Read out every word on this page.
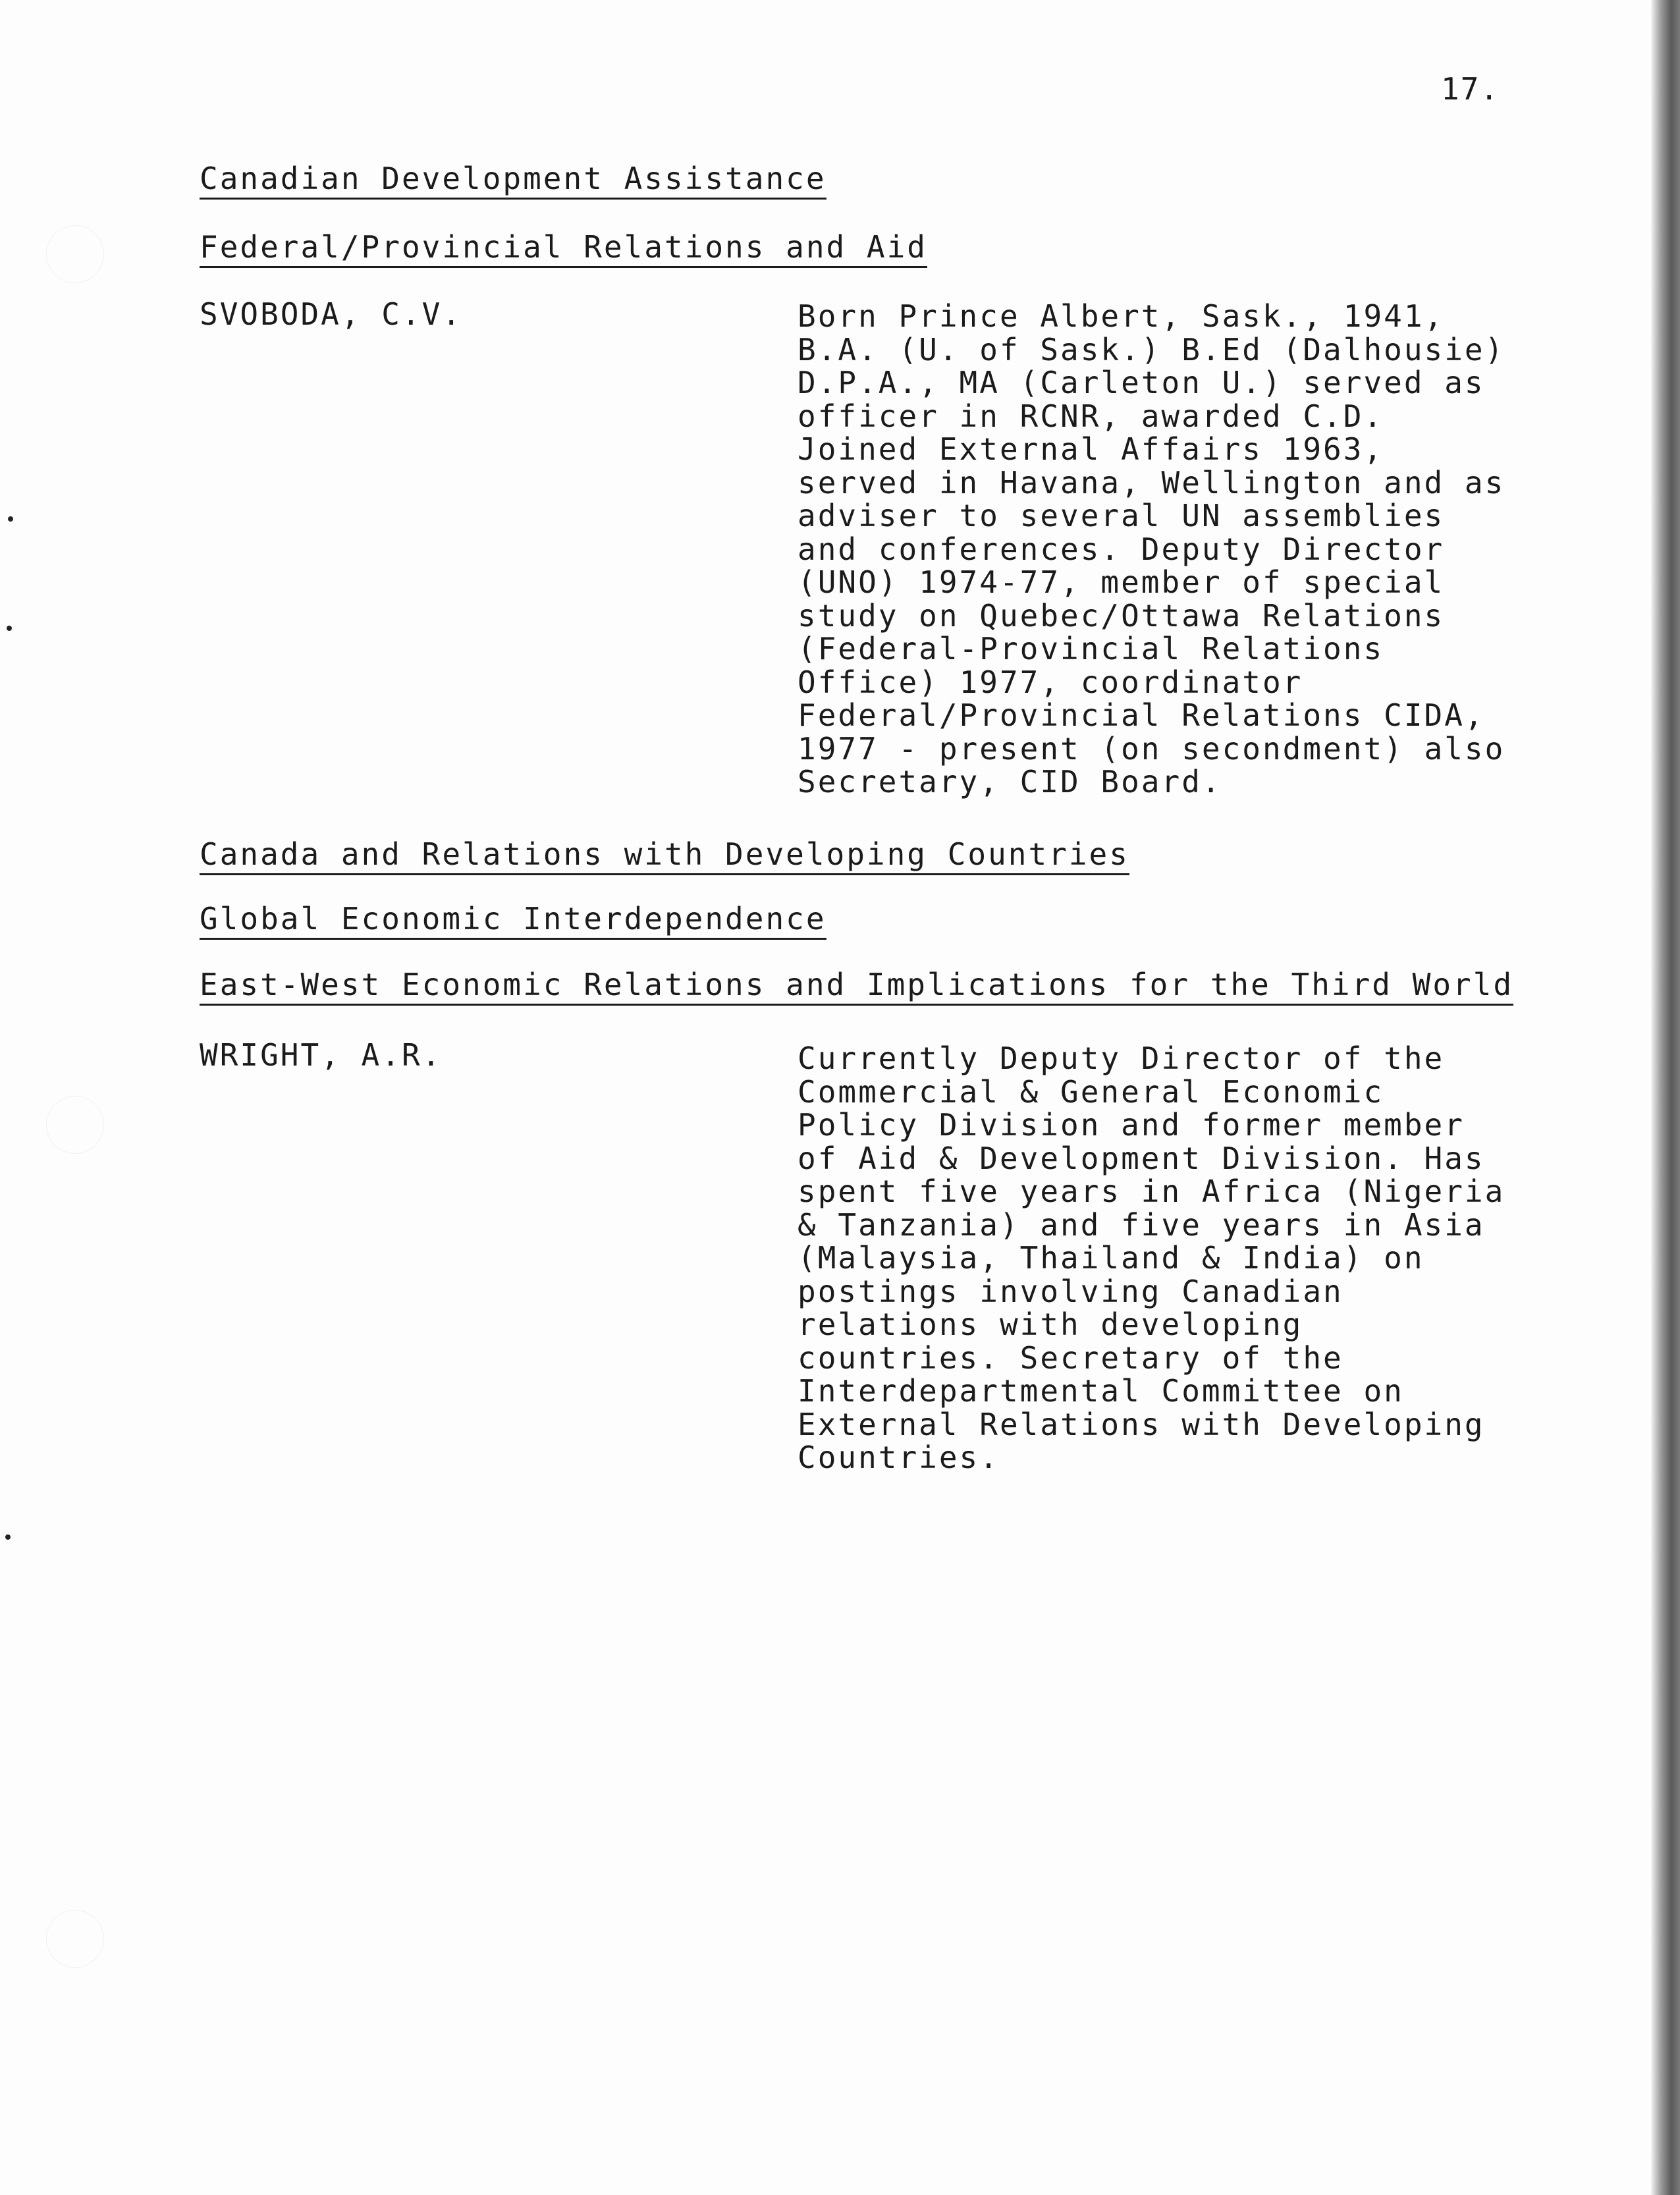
17.
Canadian Development Assistance
Federal/Provincial Relations and Aid
SVOBODA, C.V.	Born Prince Albert, Sask., 1941,
B.A. (U. of Sask.) B.Ed (Dalhousie)
D.P.A., MA (Carleton U.) served as
officer in RCNR, awarded C.D.
Joined External Affairs 1963,
served in Havana, Wellington and as
adviser to several UN assemblies
and conferences. Deputy Director
(UNO) 1974-77, member of special
study on Quebec/Ottawa Relations
(Federal-Provincial Relations
Office) 1977, coordinator
Federal/Provincial Relations CIDA,
1977 - present (on secondment) also
Secretary, CID Board.
Canada and Relations with Developing Countries
Global Economic Interdependence
East-West Economic Relations and Implications for the Third World
WRIGHT, A.R.	Currently Deputy Director of the
Commercial & General Economic
Policy Division and former member
of Aid & Development Division. Has
spent five years in Africa (Nigeria
& Tanzania) and five years in Asia
(Malaysia, Thailand & India) on
postings involving Canadian
relations with developing
countries. Secretary of the
Interdepartmental Committee on
External Relations with Developing
Countries.
